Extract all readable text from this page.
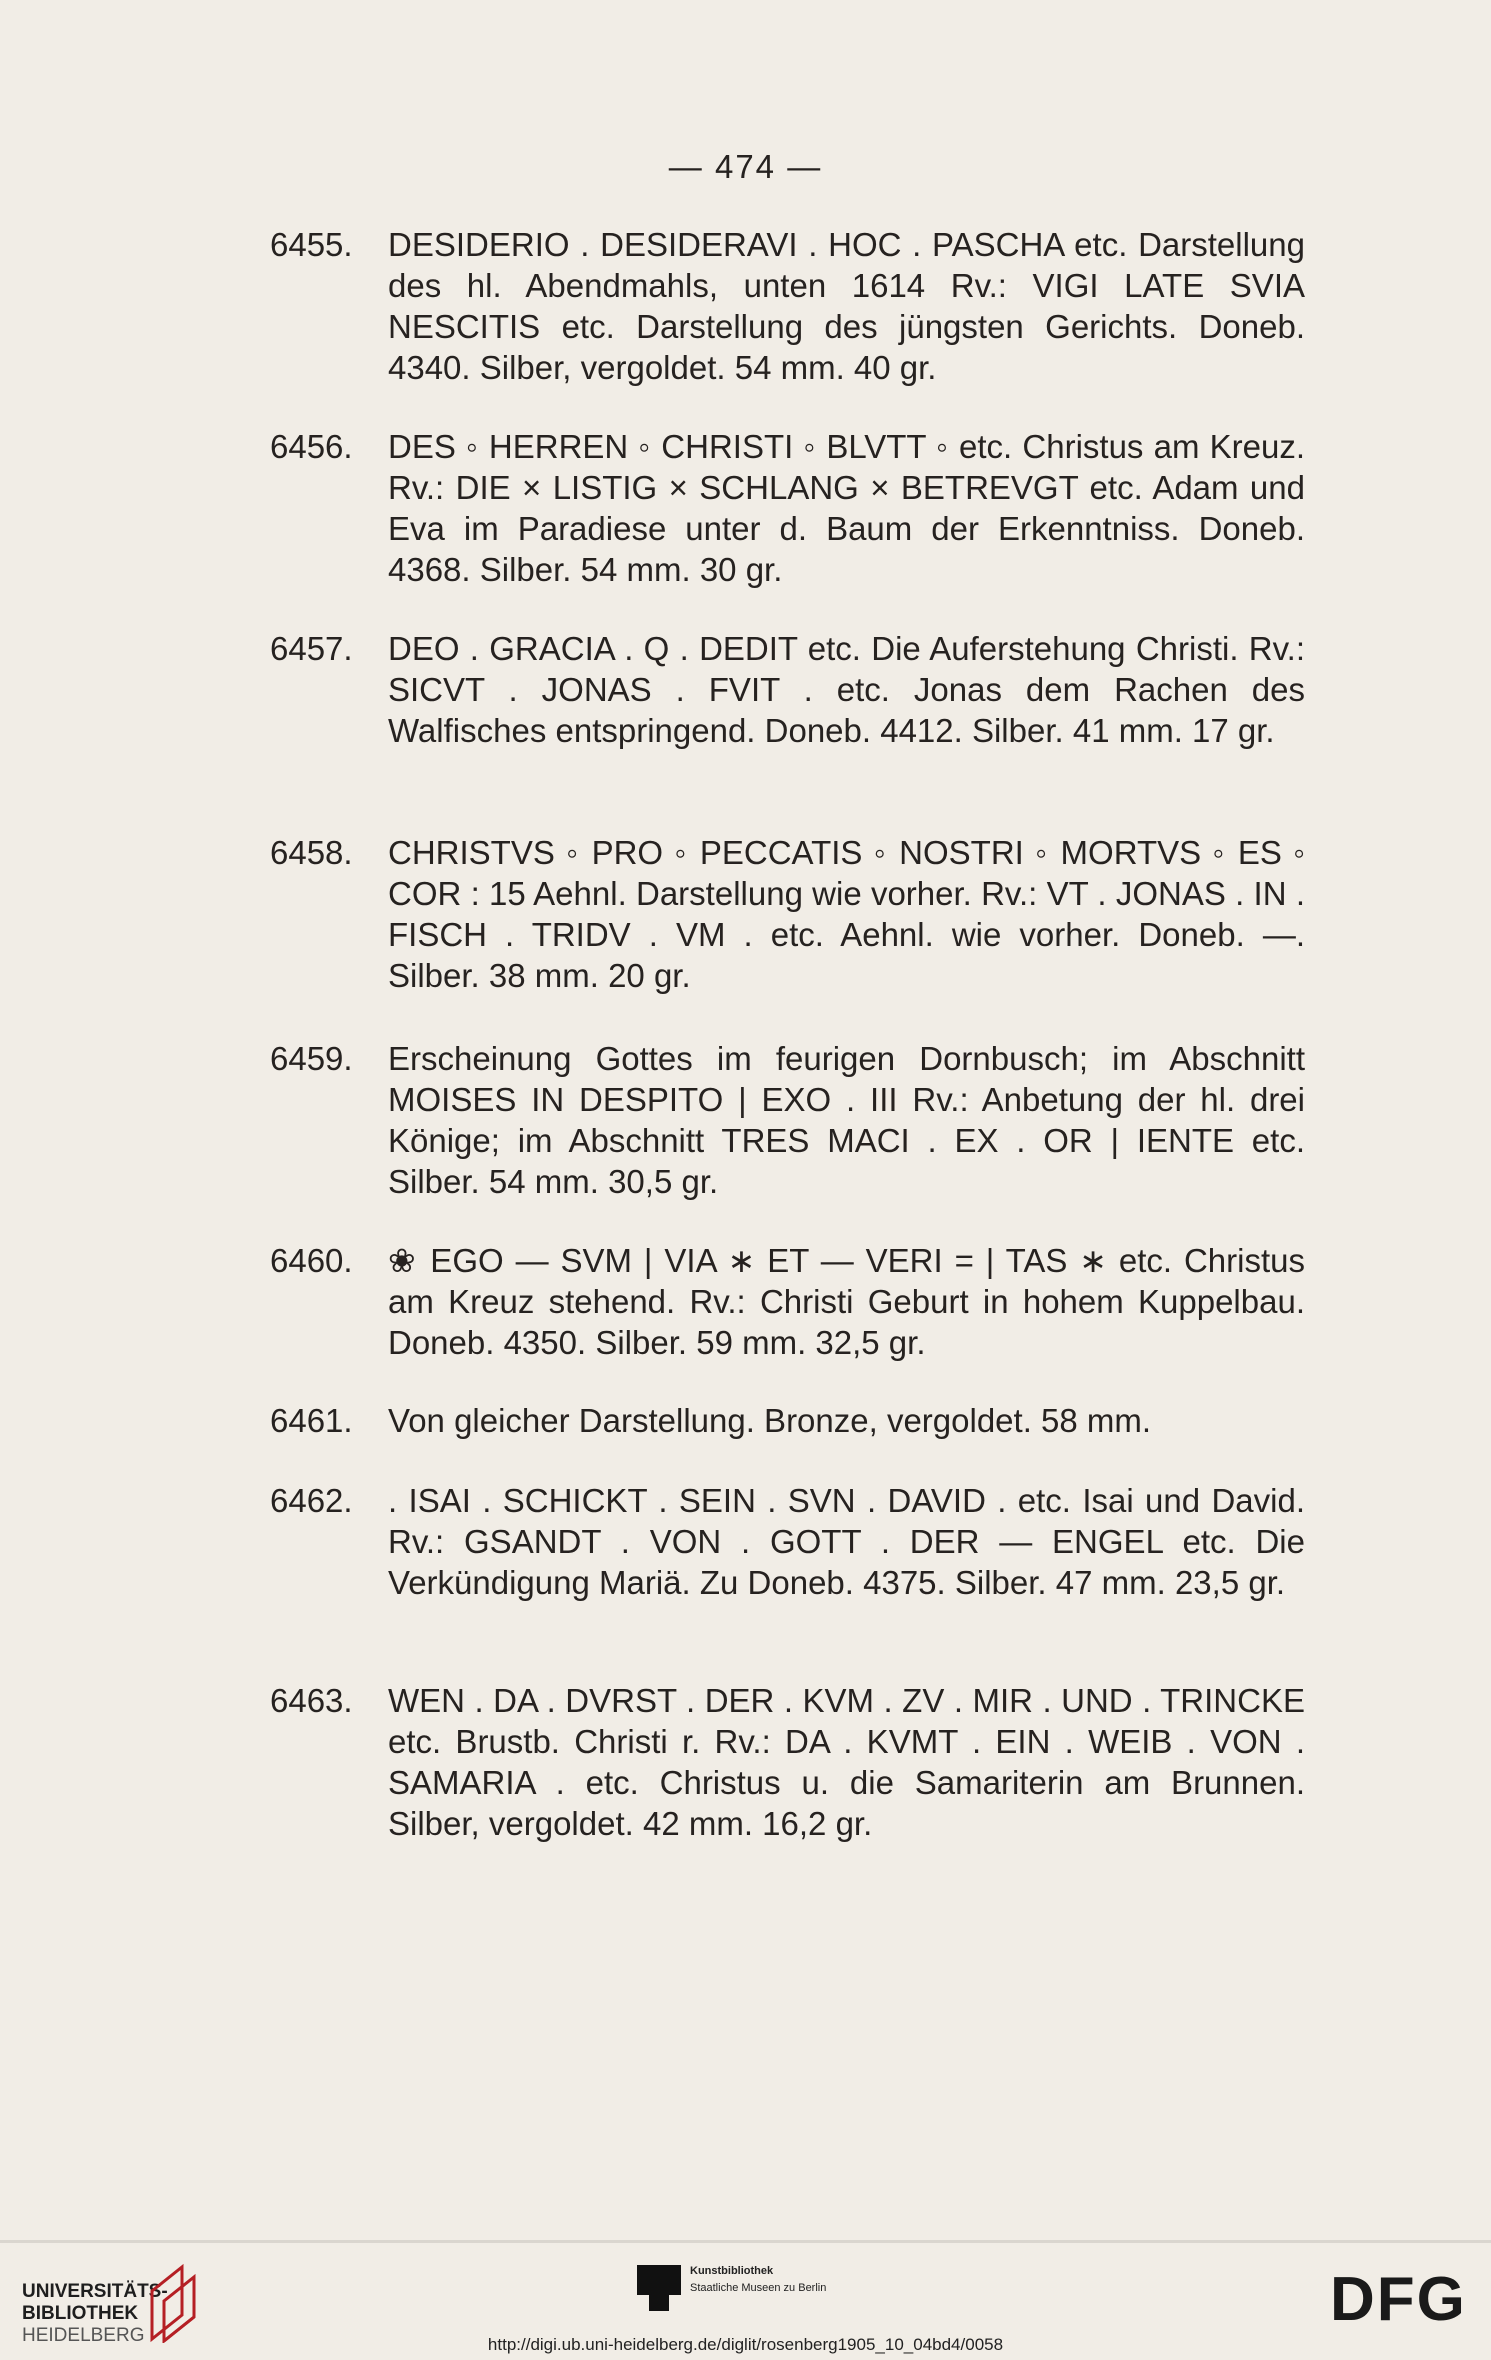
— 474 —
6455.	DESIDERIO . DESIDERAVI . HOC . PASCHA etc. Darstellung des hl. Abendmahls, unten 1614 Rv.: VIGI LATE SVIA NESCITIS etc. Darstellung des jüngsten Gerichts. Doneb. 4340. Silber, vergoldet. 54 mm. 40 gr.
6456.	DES ◦ HERREN ◦ CHRISTI ◦ BLVTT ◦ etc. Christus am Kreuz. Rv.: DIE × LISTIG × SCHLANG × BETREVGT etc. Adam und Eva im Paradiese unter d. Baum der Erkenntniss. Doneb. 4368. Silber. 54 mm. 30 gr.
6457.	DEO . GRACIA . Q . DEDIT etc. Die Auferstehung Christi. Rv.: SICVT . JONAS . FVIT . etc. Jonas dem Rachen des Walfisches entspringend. Doneb. 4412. Silber. 41 mm. 17 gr.
6458.	CHRISTVS ◦ PRO ◦ PECCATIS ◦ NOSTRI ◦ MORTVS ◦ ES ◦ COR : 15 Aehnl. Darstellung wie vorher. Rv.: VT . JONAS . IN . FISCH . TRIDV . VM . etc. Aehnl. wie vorher. Doneb. —. Silber. 38 mm. 20 gr.
6459.	Erscheinung Gottes im feurigen Dornbusch; im Abschnitt MOISES IN DESPITO | EXO . III Rv.: Anbetung der hl. drei Könige; im Abschnitt TRES MACI . EX . OR | IENTE etc. Silber. 54 mm. 30,5 gr.
6460.	❀ EGO — SVM | VIA ∗ ET — VERI = | TAS ∗ etc. Christus am Kreuz stehend. Rv.: Christi Geburt in hohem Kuppelbau. Doneb. 4350. Silber. 59 mm. 32,5 gr.
6461.	Von gleicher Darstellung. Bronze, vergoldet. 58 mm.
6462.	. ISAI . SCHICKT . SEIN . SVN . DAVID . etc. Isai und David. Rv.: GSANDT . VON . GOTT . DER — ENGEL etc. Die Verkündigung Mariä. Zu Doneb. 4375. Silber. 47 mm. 23,5 gr.
6463.	WEN . DA . DVRST . DER . KVM . ZV . MIR . UND . TRINCKE etc. Brustb. Christi r. Rv.: DA . KVMT . EIN . WEIB . VON . SAMARIA . etc. Christus u. die Samariterin am Brunnen. Silber, vergoldet. 42 mm. 16,2 gr.
UNIVERSITÄTS-
BIBLIOTHEK
HEIDELBERG
Kunstbibliothek
Staatliche Museen zu Berlin	DFG
http://digi.ub.uni-heidelberg.de/diglit/rosenberg1905_10_04bd4/0058
